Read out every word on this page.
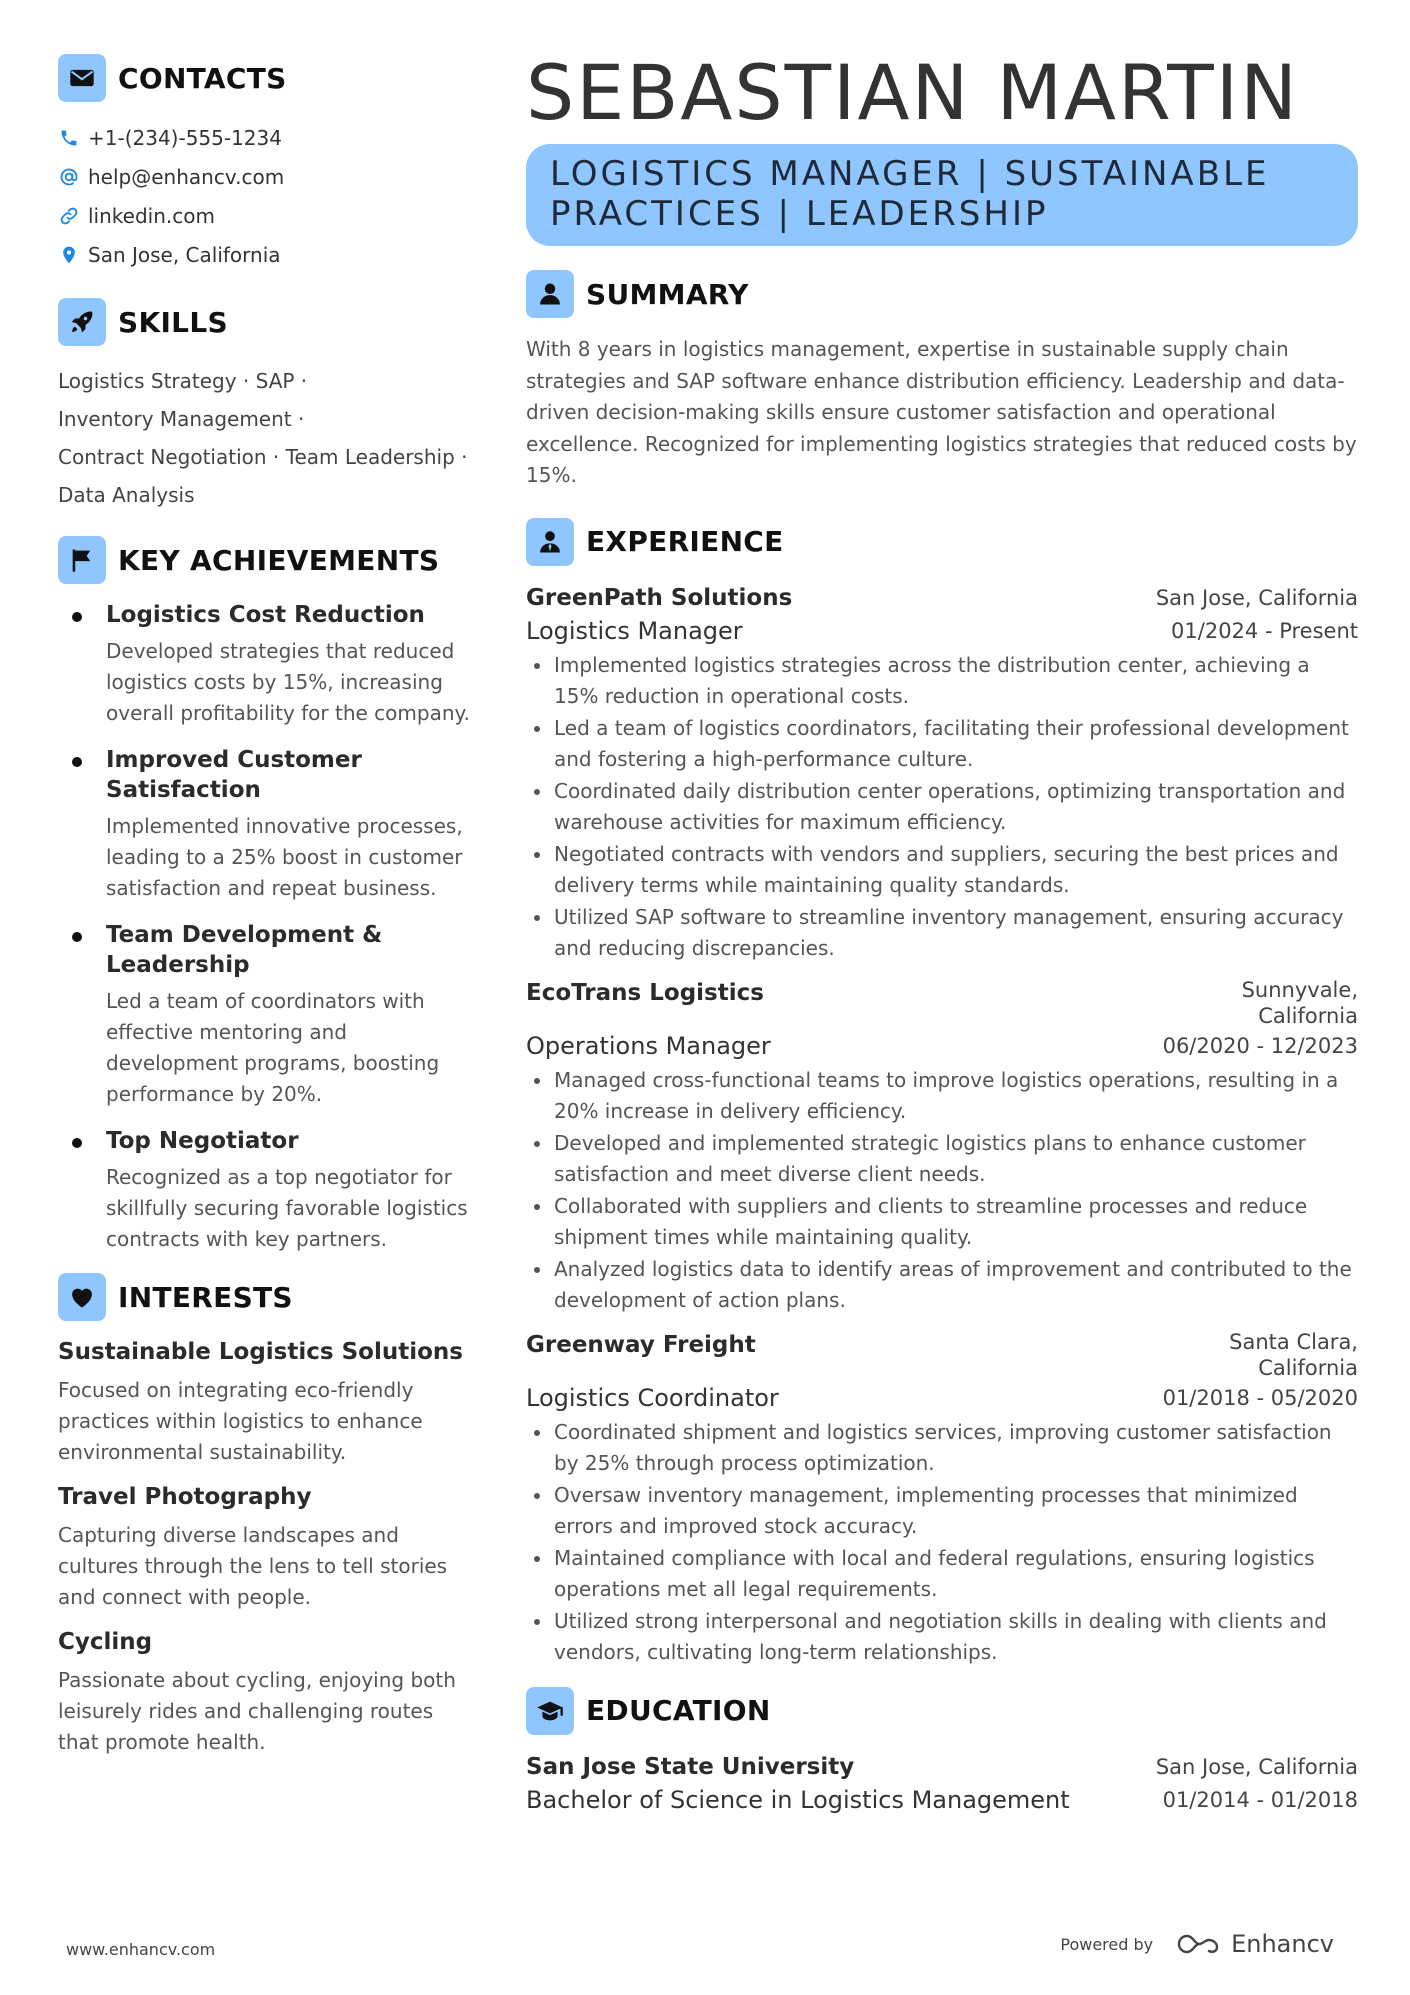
CONTACTS
+1-(234)-555-1234
help@enhancv.com
linkedin.com
San Jose, California
SKILLS
Logistics Strategy · SAP ·
Inventory Management ·
Contract Negotiation · Team Leadership ·
Data Analysis
KEY ACHIEVEMENTS
Logistics Cost Reduction
Developed strategies that reduced logistics costs by 15%, increasing overall profitability for the company.
Improved Customer Satisfaction
Implemented innovative processes, leading to a 25% boost in customer satisfaction and repeat business.
Team Development & Leadership
Led a team of coordinators with effective mentoring and development programs, boosting performance by 20%.
Top Negotiator
Recognized as a top negotiator for skillfully securing favorable logistics contracts with key partners.
INTERESTS
Sustainable Logistics Solutions
Focused on integrating eco-friendly practices within logistics to enhance environmental sustainability.
Travel Photography
Capturing diverse landscapes and cultures through the lens to tell stories and connect with people.
Cycling
Passionate about cycling, enjoying both leisurely rides and challenging routes that promote health.
SEBASTIAN MARTIN
LOGISTICS MANAGER | SUSTAINABLE PRACTICES | LEADERSHIP
SUMMARY

With 8 years in logistics management, expertise in sustainable supply chain strategies and SAP software enhance distribution efficiency. Leadership and data-driven decision-making skills ensure customer satisfaction and operational excellence. Recognized for implementing logistics strategies that reduced costs by 15%.

EXPERIENCE
GreenPath Solutions	San Jose, California
Logistics Manager	01/2024 - Present
Implemented logistics strategies across the distribution center, achieving a 15% reduction in operational costs.
Led a team of logistics coordinators, facilitating their professional development and fostering a high-performance culture.
Coordinated daily distribution center operations, optimizing transportation and warehouse activities for maximum efficiency.
Negotiated contracts with vendors and suppliers, securing the best prices and delivery terms while maintaining quality standards.
Utilized SAP software to streamline inventory management, ensuring accuracy and reducing discrepancies.
EcoTrans Logistics	Sunnyvale,
California
Operations Manager	06/2020 - 12/2023
Managed cross-functional teams to improve logistics operations, resulting in a 20% increase in delivery efficiency.
Developed and implemented strategic logistics plans to enhance customer satisfaction and meet diverse client needs.
Collaborated with suppliers and clients to streamline processes and reduce shipment times while maintaining quality.
Analyzed logistics data to identify areas of improvement and contributed to the development of action plans.
Greenway Freight	Santa Clara,
California
Logistics Coordinator	01/2018 - 05/2020
Coordinated shipment and logistics services, improving customer satisfaction by 25% through process optimization.
Oversaw inventory management, implementing processes that minimized errors and improved stock accuracy.
Maintained compliance with local and federal regulations, ensuring logistics operations met all legal requirements.
Utilized strong interpersonal and negotiation skills in dealing with clients and vendors, cultivating long-term relationships.
EDUCATION
San Jose State University	San Jose, California
Bachelor of Science in Logistics Management	01/2014 - 01/2018
www.enhancv.com	Powered by	Enhancv
